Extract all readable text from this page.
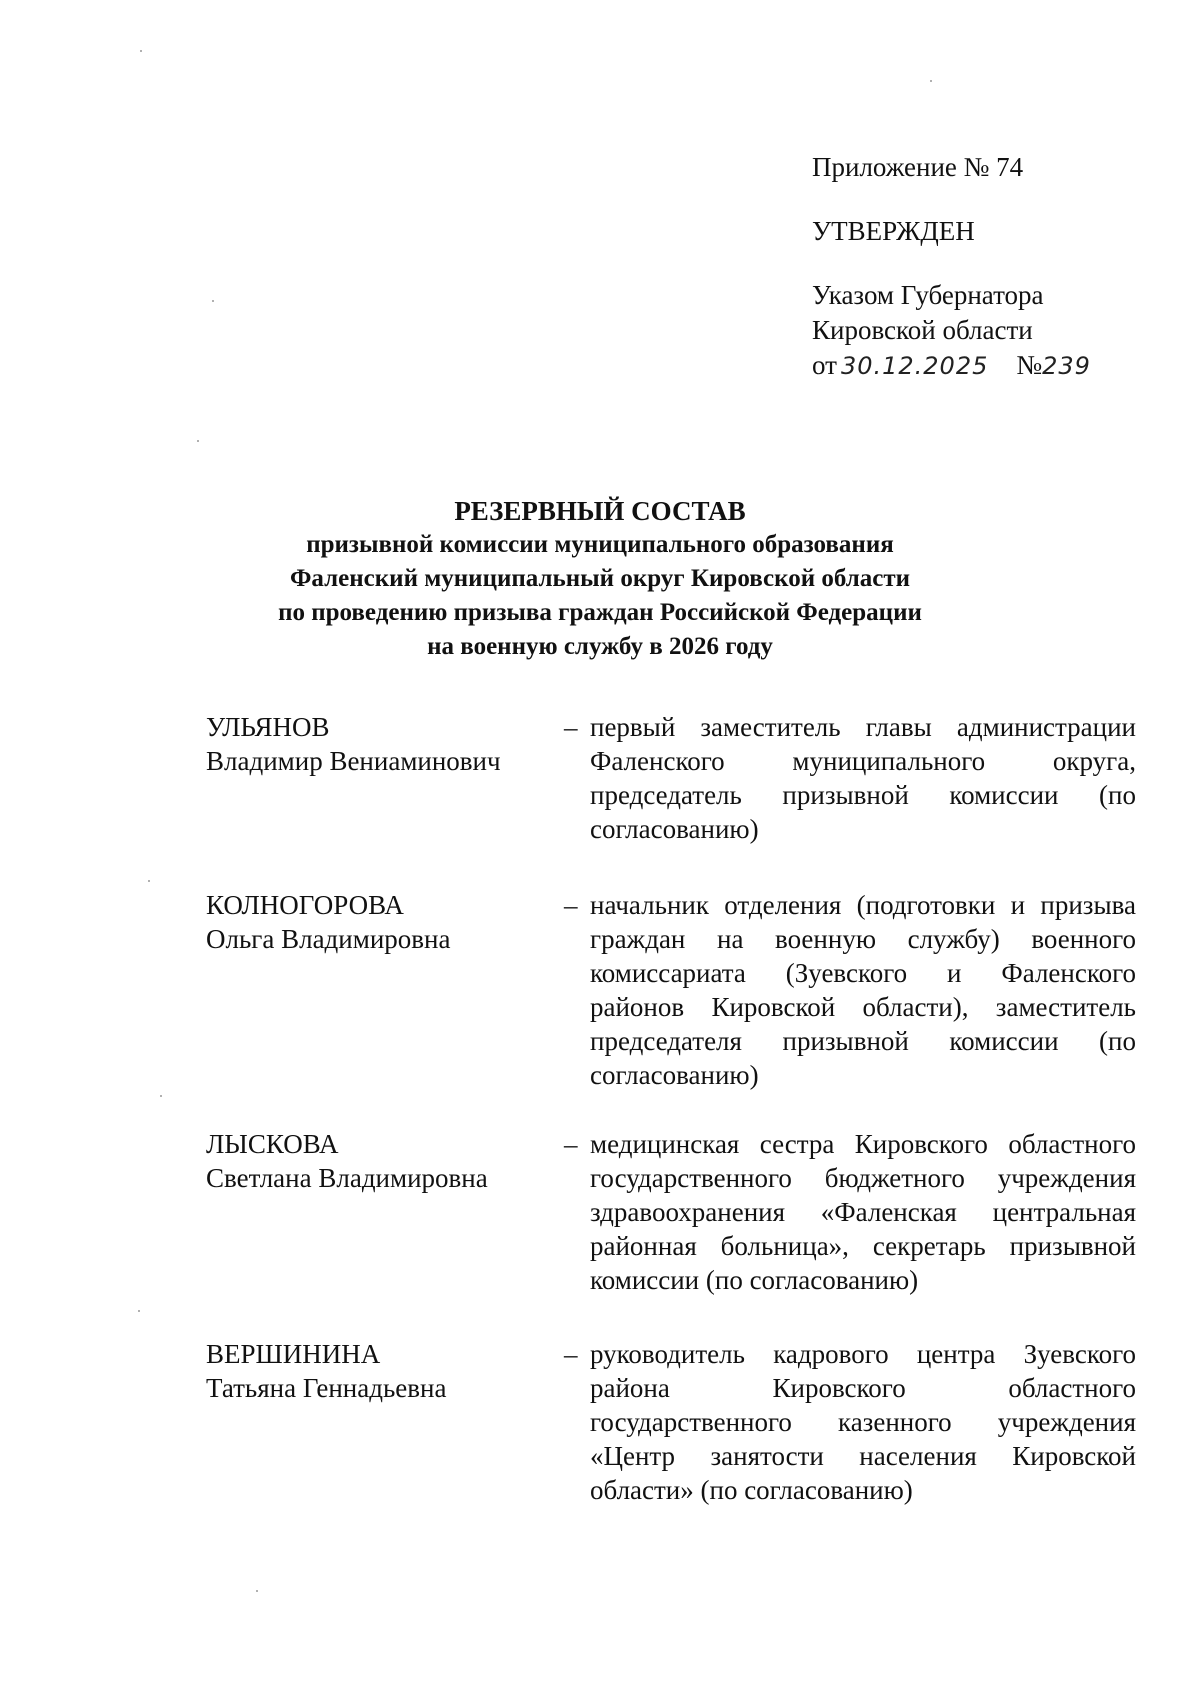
Приложение № 74
УТВЕРЖДЕН
Указом Губернатора
Кировской области
от 30.12.2025 №239
РЕЗЕРВНЫЙ СОСТАВ
призывной комиссии муниципального образования
Фаленский муниципальный округ Кировской области
по проведению призыва граждан Российской Федерации
на военную службу в 2026 году
УЛЬЯНОВ
Владимир Вениаминович
– первый заместитель главы администрации Фаленского муниципального округа, председатель призывной комиссии (по согласованию)
КОЛНОГОРОВА
Ольга Владимировна
– начальник отделения (подготовки и призыва граждан на военную службу) военного комиссариата (Зуевского и Фаленского районов Кировской области), заместитель председателя призывной комиссии (по согласованию)
ЛЫСКОВА
Светлана Владимировна
– медицинская сестра Кировского областного государственного бюджетного учреждения здравоохранения «Фаленская центральная районная больница», секретарь призывной комиссии (по согласованию)
ВЕРШИНИНА
Татьяна Геннадьевна
– руководитель кадрового центра Зуевского района Кировского областного государственного казенного учреждения «Центр занятости населения Кировской области» (по согласованию)
